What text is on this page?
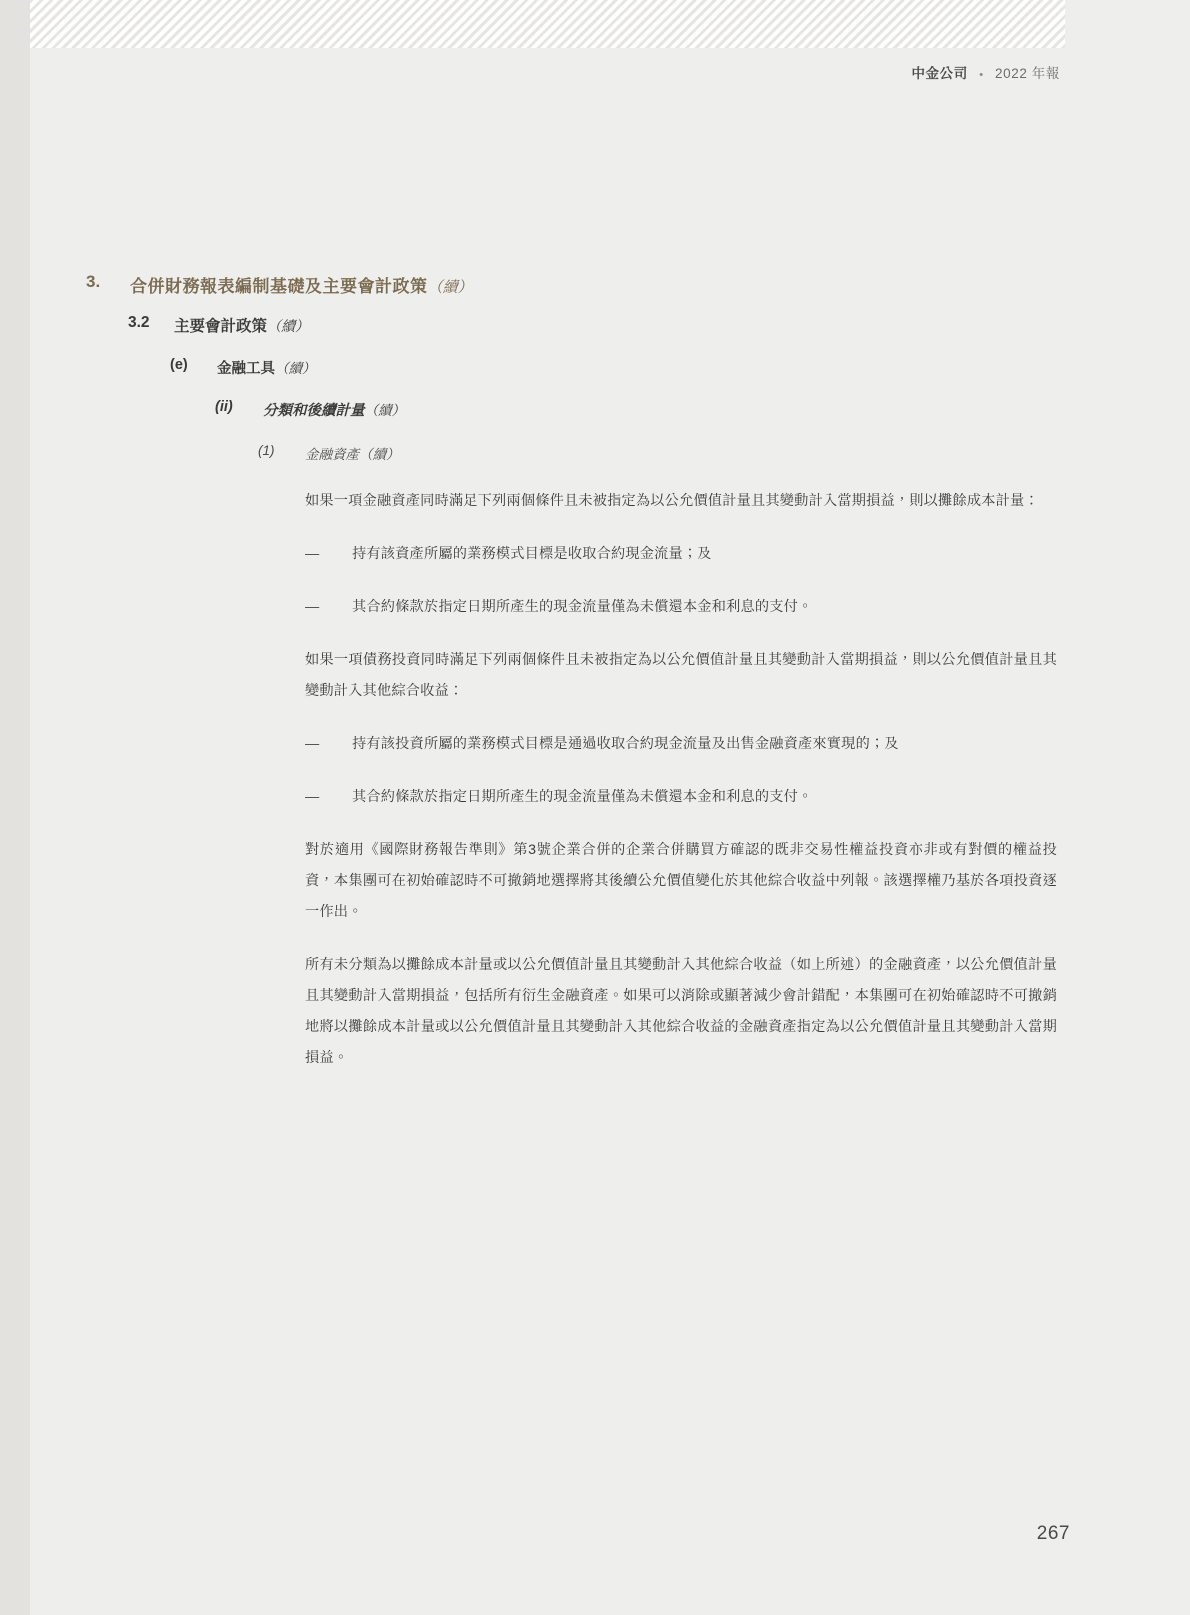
中金公司 • 2022 年報
3.	合併財務報表編制基礎及主要會計政策（續）
3.2	主要會計政策（續）
(e)	金融工具（續）
(ii)	分類和後續計量（續）
(1)	金融資產（續）

如果一項金融資產同時滿足下列兩個條件且未被指定為以公允價值計量且其變動計入當期損益，則以攤餘成本計量：

—	持有該資產所屬的業務模式目標是收取合約現金流量；及
—	其合約條款於指定日期所產生的現金流量僅為未償還本金和利息的支付。

如果一項債務投資同時滿足下列兩個條件且未被指定為以公允價值計量且其變動計入當期損益，則以公允價值計量且其變動計入其他綜合收益：

—	持有該投資所屬的業務模式目標是通過收取合約現金流量及出售金融資產來實現的；及
—	其合約條款於指定日期所產生的現金流量僅為未償還本金和利息的支付。

對於適用《國際財務報告準則》第3號企業合併的企業合併購買方確認的既非交易性權益投資亦非或有對價的權益投資，本集團可在初始確認時不可撤銷地選擇將其後續公允價值變化於其他綜合收益中列報。該選擇權乃基於各項投資逐一作出。

所有未分類為以攤餘成本計量或以公允價值計量且其變動計入其他綜合收益（如上所述）的金融資產，以公允價值計量且其變動計入當期損益，包括所有衍生金融資產。如果可以消除或顯著減少會計錯配，本集團可在初始確認時不可撤銷地將以攤餘成本計量或以公允價值計量且其變動計入其他綜合收益的金融資產指定為以公允價值計量且其變動計入當期損益。

267
